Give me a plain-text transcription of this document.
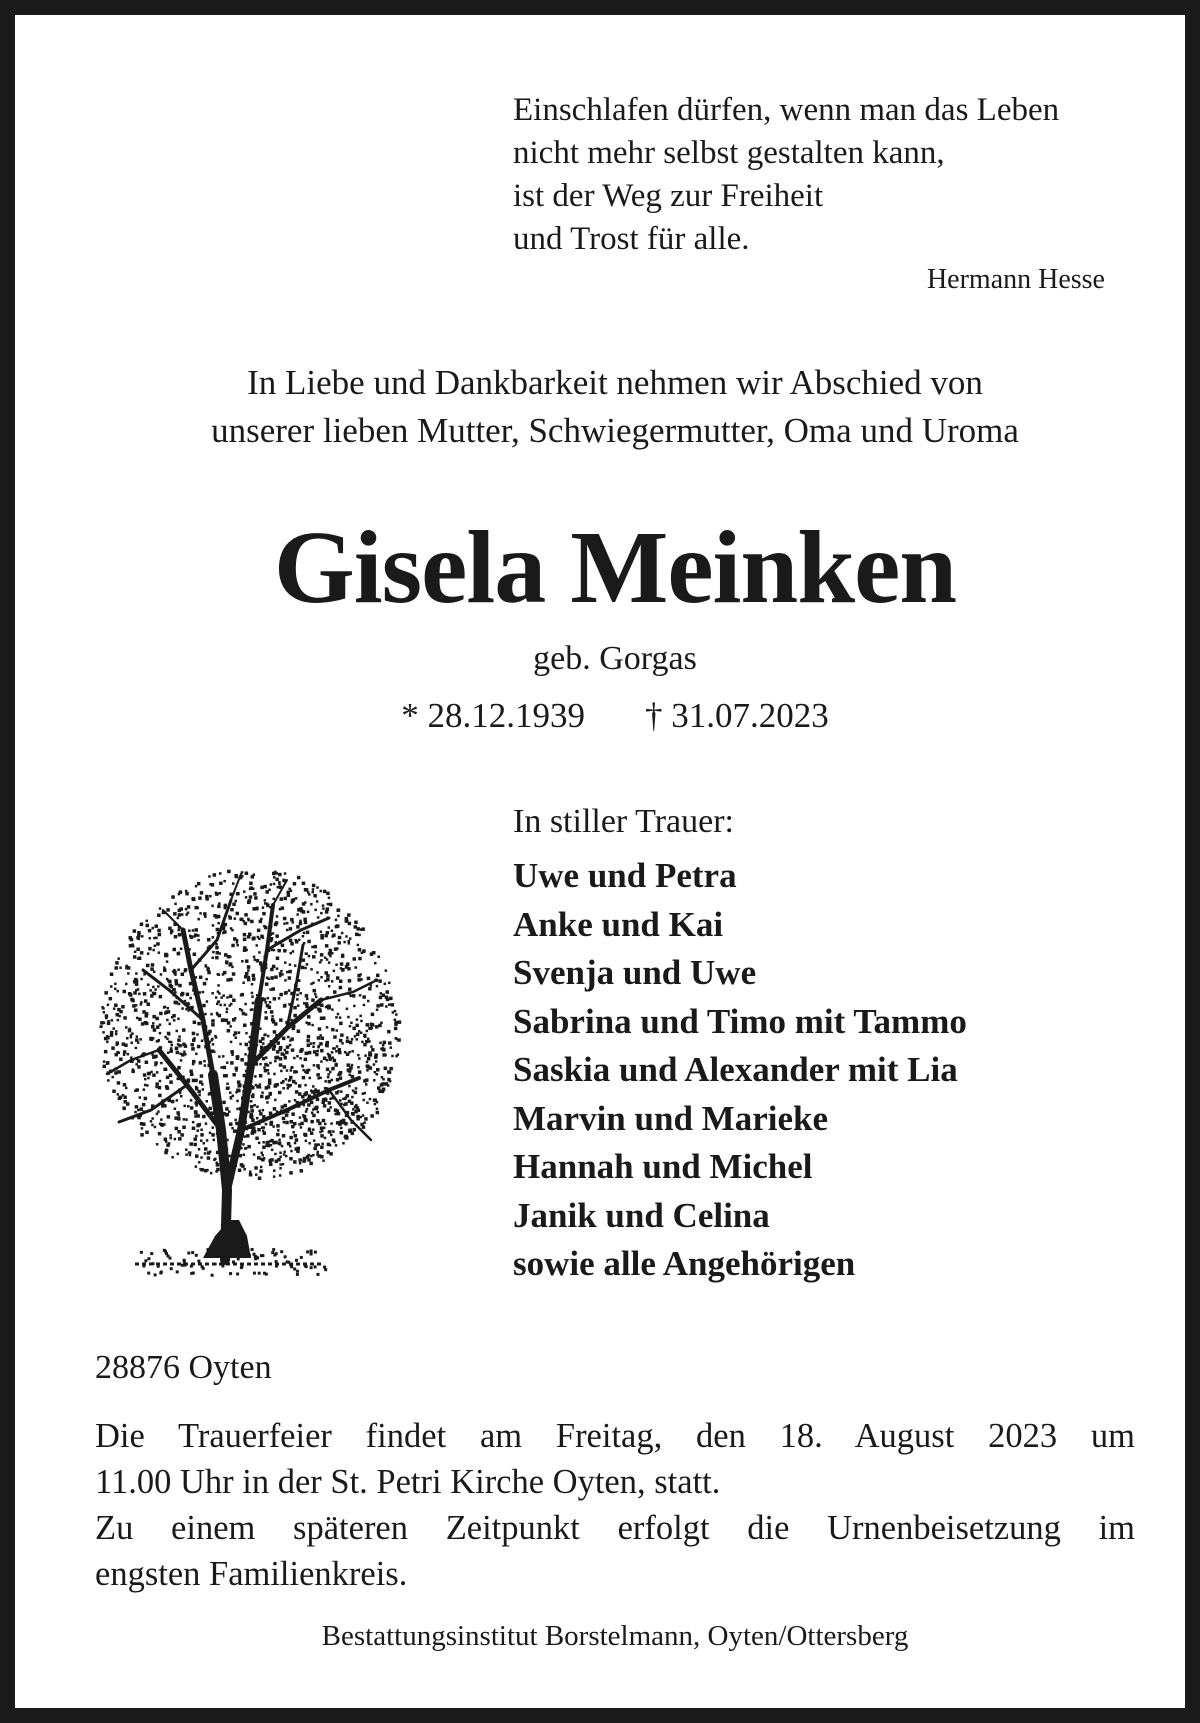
Einschlafen dürfen, wenn man das Leben
nicht mehr selbst gestalten kann,
ist der Weg zur Freiheit
und Trost für alle.
Hermann Hesse
In Liebe und Dankbarkeit nehmen wir Abschied von
unserer lieben Mutter, Schwiegermutter, Oma und Uroma
Gisela Meinken
geb. Gorgas
* 28.12.1939 † 31.07.2023
In stiller Trauer:
Uwe und Petra
Anke und Kai
Svenja und Uwe
Sabrina und Timo mit Tammo
Saskia und Alexander mit Lia
Marvin und Marieke
Hannah und Michel
Janik und Celina
sowie alle Angehörigen
28876 Oyten
Die Trauerfeier findet am Freitag, den 18. August 2023 um
11.00 Uhr in der St. Petri Kirche Oyten, statt.
Zu einem späteren Zeitpunkt erfolgt die Urnenbeisetzung im
engsten Familienkreis.
Bestattungsinstitut Borstelmann, Oyten/Ottersberg
